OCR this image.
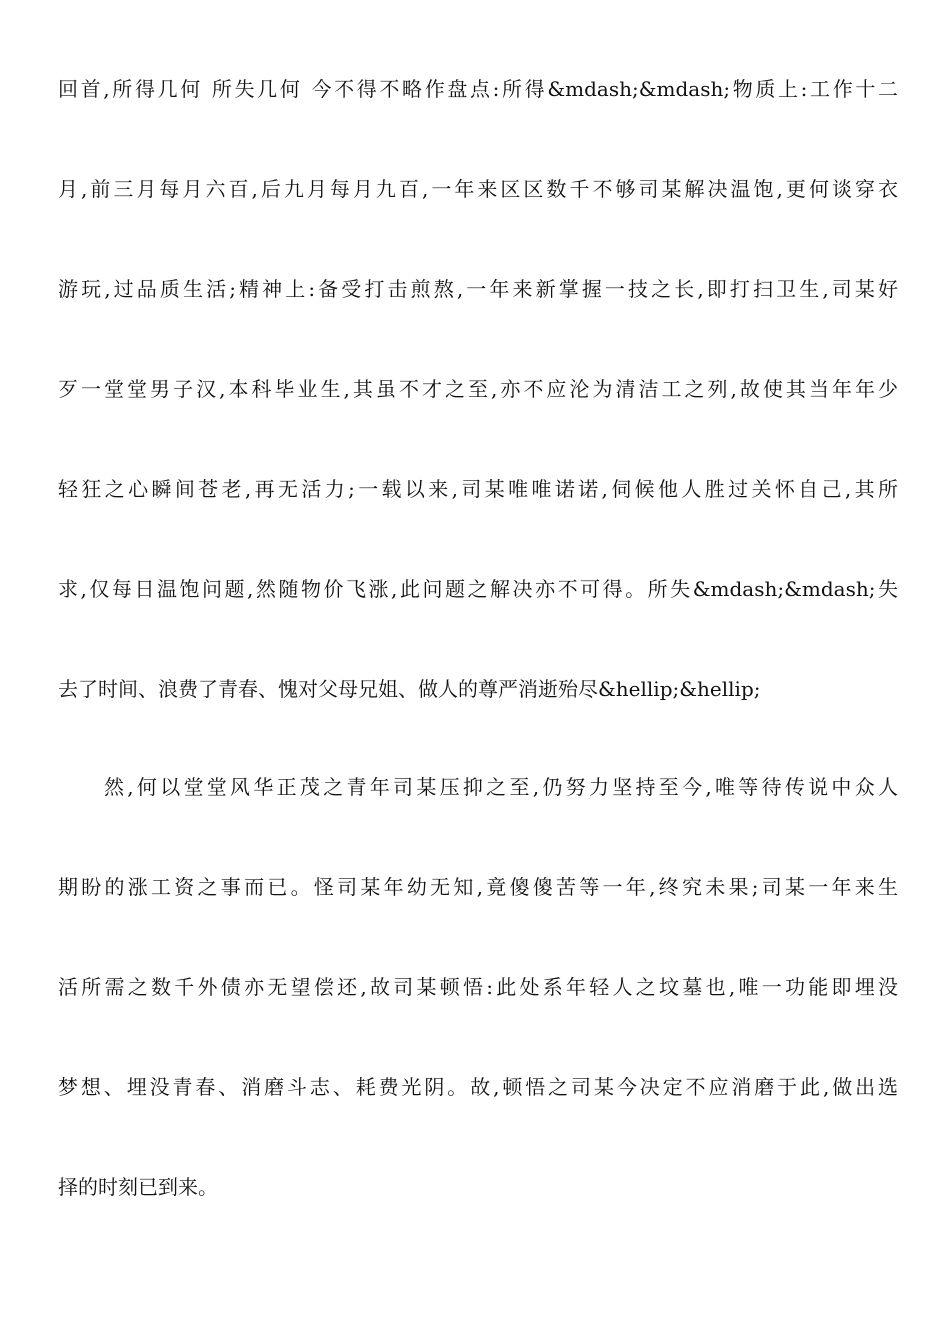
回首,所得几何 所失几何 今不得不略作盘点:所得&mdash;&mdash;物质上:工作十二
月,前三月每月六百,后九月每月九百,一年来区区数千不够司某解决温饱,更何谈穿衣
游玩,过品质生活;精神上:备受打击煎熬,一年来新掌握一技之长,即打扫卫生,司某好
歹一堂堂男子汉,本科毕业生,其虽不才之至,亦不应沦为清洁工之列,故使其当年年少
轻狂之心瞬间苍老,再无活力;一载以来,司某唯唯诺诺,伺候他人胜过关怀自己,其所
求,仅每日温饱问题,然随物价飞涨,此问题之解决亦不可得。所失&mdash;&mdash;失
去了时间、浪费了青春、愧对父母兄姐、做人的尊严消逝殆尽&hellip;&hellip;
然,何以堂堂风华正茂之青年司某压抑之至,仍努力坚持至今,唯等待传说中众人
期盼的涨工资之事而已。怪司某年幼无知,竟傻傻苦等一年,终究未果;司某一年来生
活所需之数千外债亦无望偿还,故司某顿悟:此处系年轻人之坟墓也,唯一功能即埋没
梦想、埋没青春、消磨斗志、耗费光阴。故,顿悟之司某今决定不应消磨于此,做出选
择的时刻已到来。
